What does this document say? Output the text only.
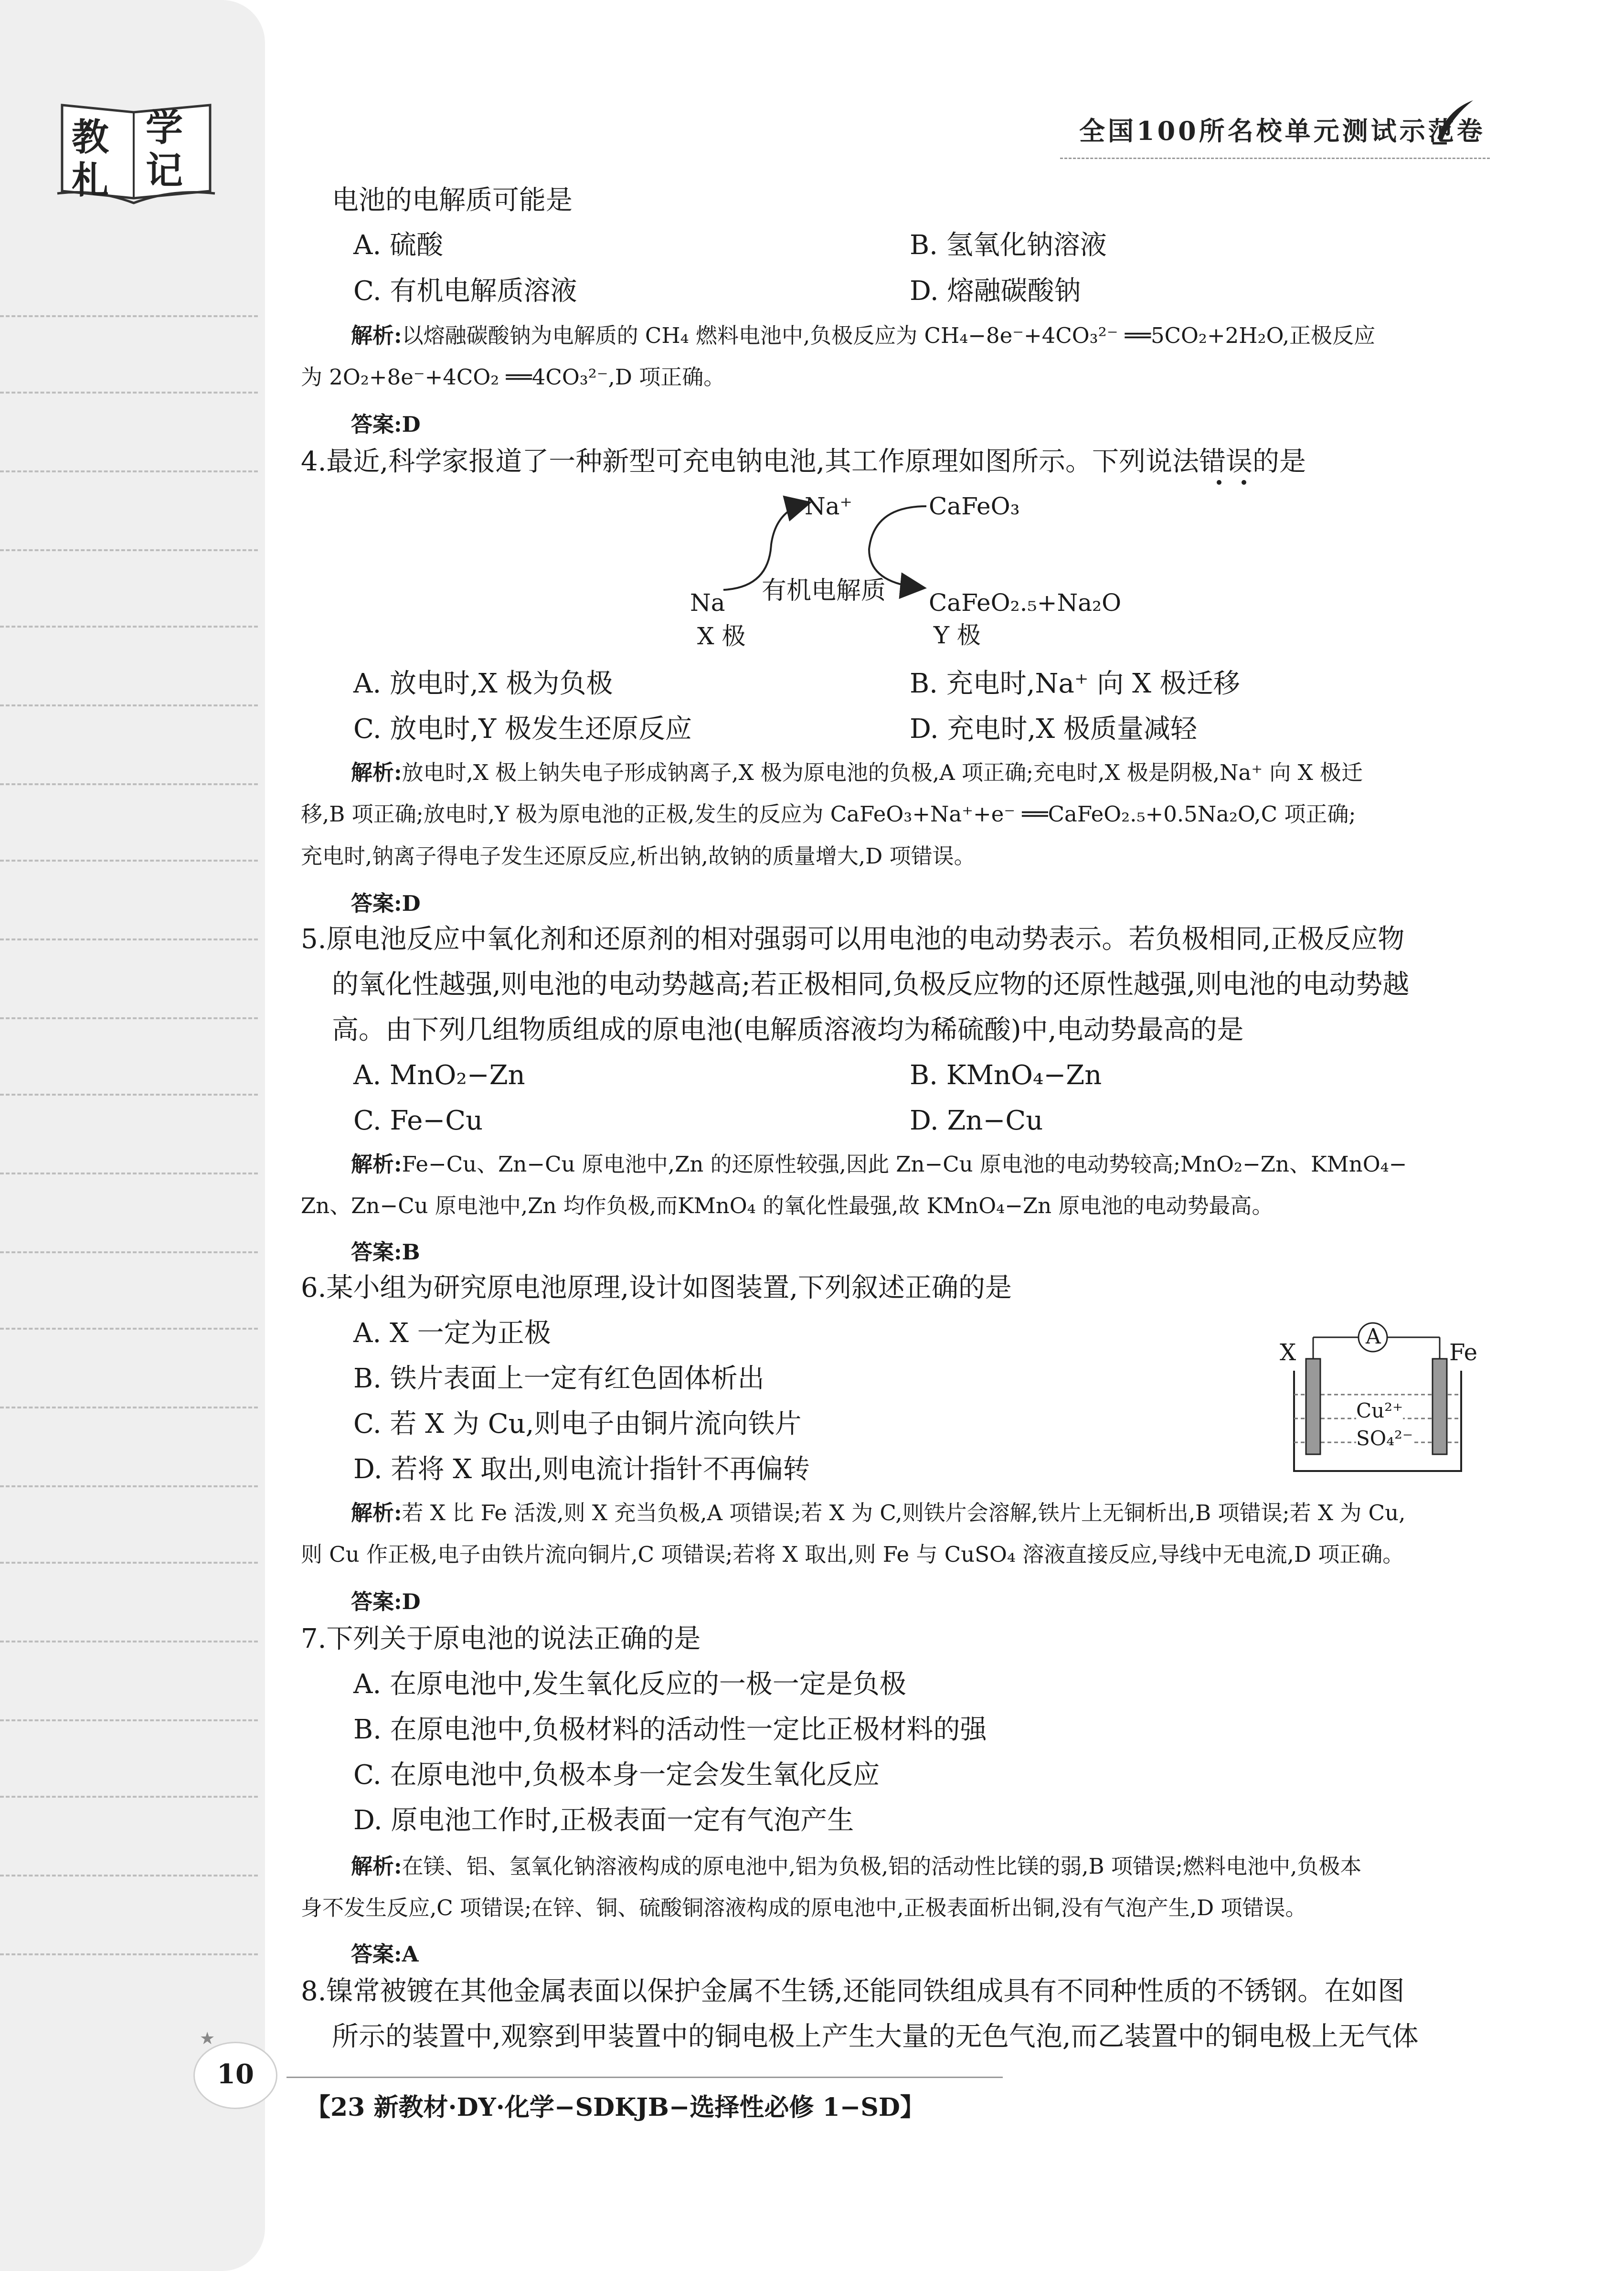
教 学
札 记
全国100所名校单元测试示范卷
电池的电解质可能是
A. 硫酸	B. 氢氧化钠溶液
C. 有机电解质溶液	D. 熔融碳酸钠
解析:以熔融碳酸钠为电解质的 CH₄ 燃料电池中,负极反应为 CH₄−8e⁻+4CO₃²⁻ ══5CO₂+2H₂O,正极反应
为 2O₂+8e⁻+4CO₂ ══4CO₃²⁻,D 项正确。
答案:D
4.最近,科学家报道了一种新型可充电钠电池,其工作原理如图所示。下列说法错误的是
Na⁺	CaFeO₃
Na 有机电解质 CaFeO₂.₅+Na₂O
X 极	Y 极
A. 放电时,X 极为负极	B. 充电时,Na⁺ 向 X 极迁移
C. 放电时,Y 极发生还原反应	D. 充电时,X 极质量减轻
解析:放电时,X 极上钠失电子形成钠离子,X 极为原电池的负极,A 项正确;充电时,X 极是阴极,Na⁺ 向 X 极迁
移,B 项正确;放电时,Y 极为原电池的正极,发生的反应为 CaFeO₃+Na⁺+e⁻ ══CaFeO₂.₅+0.5Na₂O,C 项正确;
充电时,钠离子得电子发生还原反应,析出钠,故钠的质量增大,D 项错误。
答案:D
5.原电池反应中氧化剂和还原剂的相对强弱可以用电池的电动势表示。若负极相同,正极反应物
的氧化性越强,则电池的电动势越高;若正极相同,负极反应物的还原性越强,则电池的电动势越
高。由下列几组物质组成的原电池(电解质溶液均为稀硫酸)中,电动势最高的是
A. MnO₂−Zn	B. KMnO₄−Zn
C. Fe−Cu	D. Zn−Cu
解析:Fe−Cu、Zn−Cu 原电池中,Zn 的还原性较强,因此 Zn−Cu 原电池的电动势较高;MnO₂−Zn、KMnO₄−
Zn、Zn−Cu 原电池中,Zn 均作负极,而KMnO₄ 的氧化性最强,故 KMnO₄−Zn 原电池的电动势最高。
答案:B
6.某小组为研究原电池原理,设计如图装置,下列叙述正确的是
A. X 一定为正极
B. 铁片表面上一定有红色固体析出
C. 若 X 为 Cu,则电子由铜片流向铁片
D. 若将 X 取出,则电流计指针不再偏转
A
X	Fe
Cu²⁺
SO₄²⁻
解析:若 X 比 Fe 活泼,则 X 充当负极,A 项错误;若 X 为 C,则铁片会溶解,铁片上无铜析出,B 项错误;若 X 为 Cu,
则 Cu 作正极,电子由铁片流向铜片,C 项错误;若将 X 取出,则 Fe 与 CuSO₄ 溶液直接反应,导线中无电流,D 项正确。
答案:D
7.下列关于原电池的说法正确的是
A. 在原电池中,发生氧化反应的一极一定是负极
B. 在原电池中,负极材料的活动性一定比正极材料的强
C. 在原电池中,负极本身一定会发生氧化反应
D. 原电池工作时,正极表面一定有气泡产生
解析:在镁、铝、氢氧化钠溶液构成的原电池中,铝为负极,铝的活动性比镁的弱,B 项错误;燃料电池中,负极本
身不发生反应,C 项错误;在锌、铜、硫酸铜溶液构成的原电池中,正极表面析出铜,没有气泡产生,D 项错误。
答案:A
8.镍常被镀在其他金属表面以保护金属不生锈,还能同铁组成具有不同种性质的不锈钢。在如图
所示的装置中,观察到甲装置中的铜电极上产生大量的无色气泡,而乙装置中的铜电极上无气体
10
★
【23 新教材·DY·化学−SDKJB−选择性必修 1−SD】
